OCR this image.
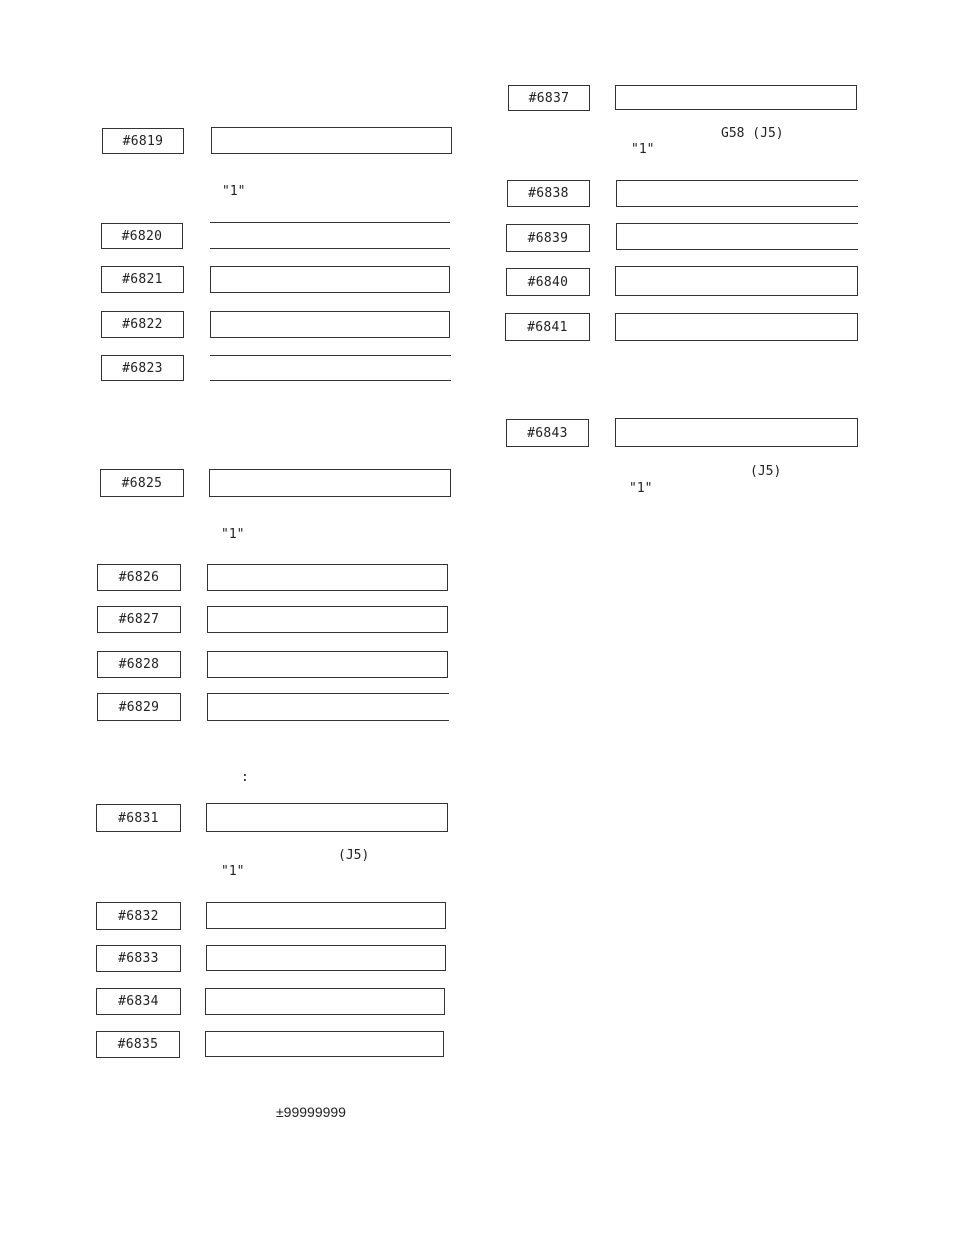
#6819
"1"
#6820
#6821
#6822
#6823
#6825
"1"
#6826
#6827
#6828
#6829
:
#6831
(J5)
"1"
#6832
#6833
#6834
#6835
±99999999
#6837
G58 (J5)
"1"
#6838
#6839
#6840
#6841
#6843
(J5)
"1"
